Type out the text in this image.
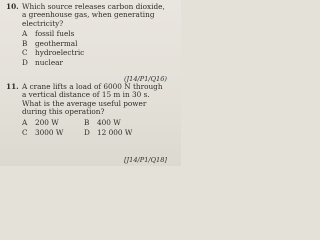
10. Which source releases carbon dioxide,
a greenhouse gas, when generating
electricity?
A fossil fuels
B geothermal
C hydroelectric
D nuclear
(J14/P1/Q16)
11. A crane lifts a load of 6000 N through
a vertical distance of 15 m in 30 s.
What is the average useful power
during this operation?
A 200 W	B 400 W
C 3000 W	D 12 000 W
[J14/P1/Q18]
